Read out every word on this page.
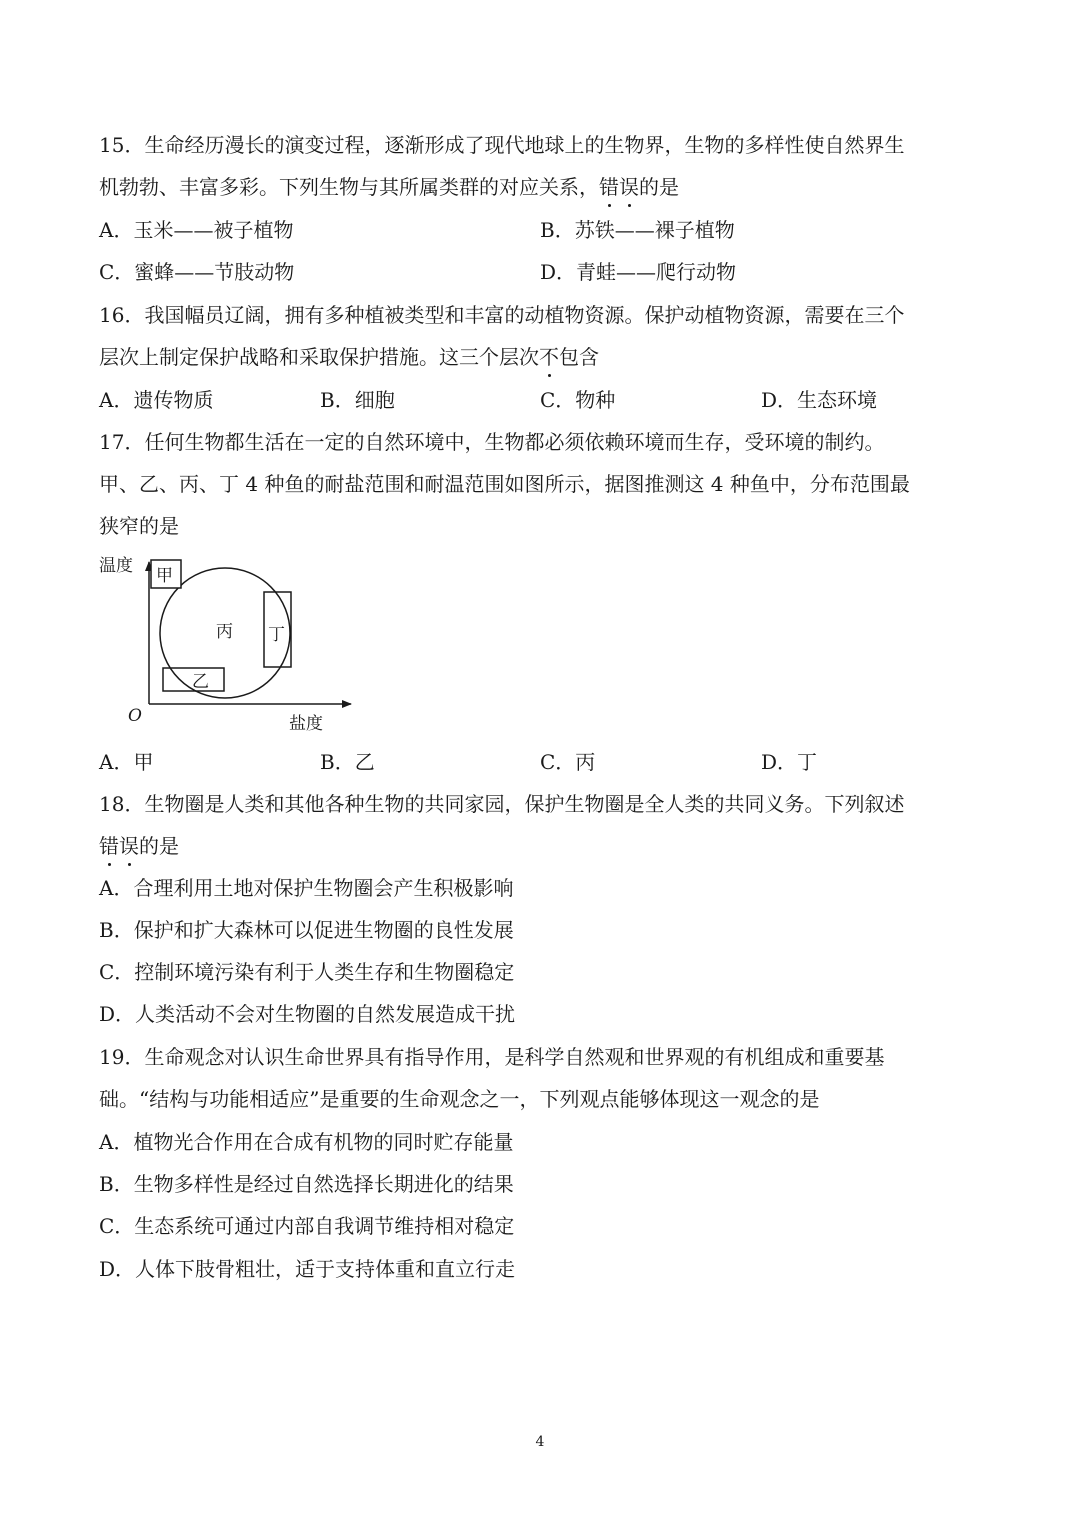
15．生命经历漫长的演变过程，逐渐形成了现代地球上的生物界，生物的多样性使自然界生
机勃勃、丰富多彩。下列生物与其所属类群的对应关系，错误的是
A．玉米——被子植物	B．苏铁——裸子植物
C．蜜蜂——节肢动物	D．青蛙——爬行动物
16．我国幅员辽阔，拥有多种植被类型和丰富的动植物资源。保护动植物资源，需要在三个
层次上制定保护战略和采取保护措施。这三个层次不包含
A．遗传物质	B．细胞	C．物种	D．生态环境
17．任何生物都生活在一定的自然环境中，生物都必须依赖环境而生存，受环境的制约。
甲、乙、丙、丁 4 种鱼的耐盐范围和耐温范围如图所示，据图推测这 4 种鱼中，分布范围最
狭窄的是
温度
盐度
O
甲
丙 丁
乙
A．甲	B．乙	C．丙	D．丁
18．生物圈是人类和其他各种生物的共同家园，保护生物圈是全人类的共同义务。下列叙述
错误的是
A．合理利用土地对保护生物圈会产生积极影响
B．保护和扩大森林可以促进生物圈的良性发展
C．控制环境污染有利于人类生存和生物圈稳定
D．人类活动不会对生物圈的自然发展造成干扰
19．生命观念对认识生命世界具有指导作用，是科学自然观和世界观的有机组成和重要基
础。“结构与功能相适应”是重要的生命观念之一，下列观点能够体现这一观念的是
A．植物光合作用在合成有机物的同时贮存能量
B．生物多样性是经过自然选择长期进化的结果
C．生态系统可通过内部自我调节维持相对稳定
D．人体下肢骨粗壮，适于支持体重和直立行走
4
